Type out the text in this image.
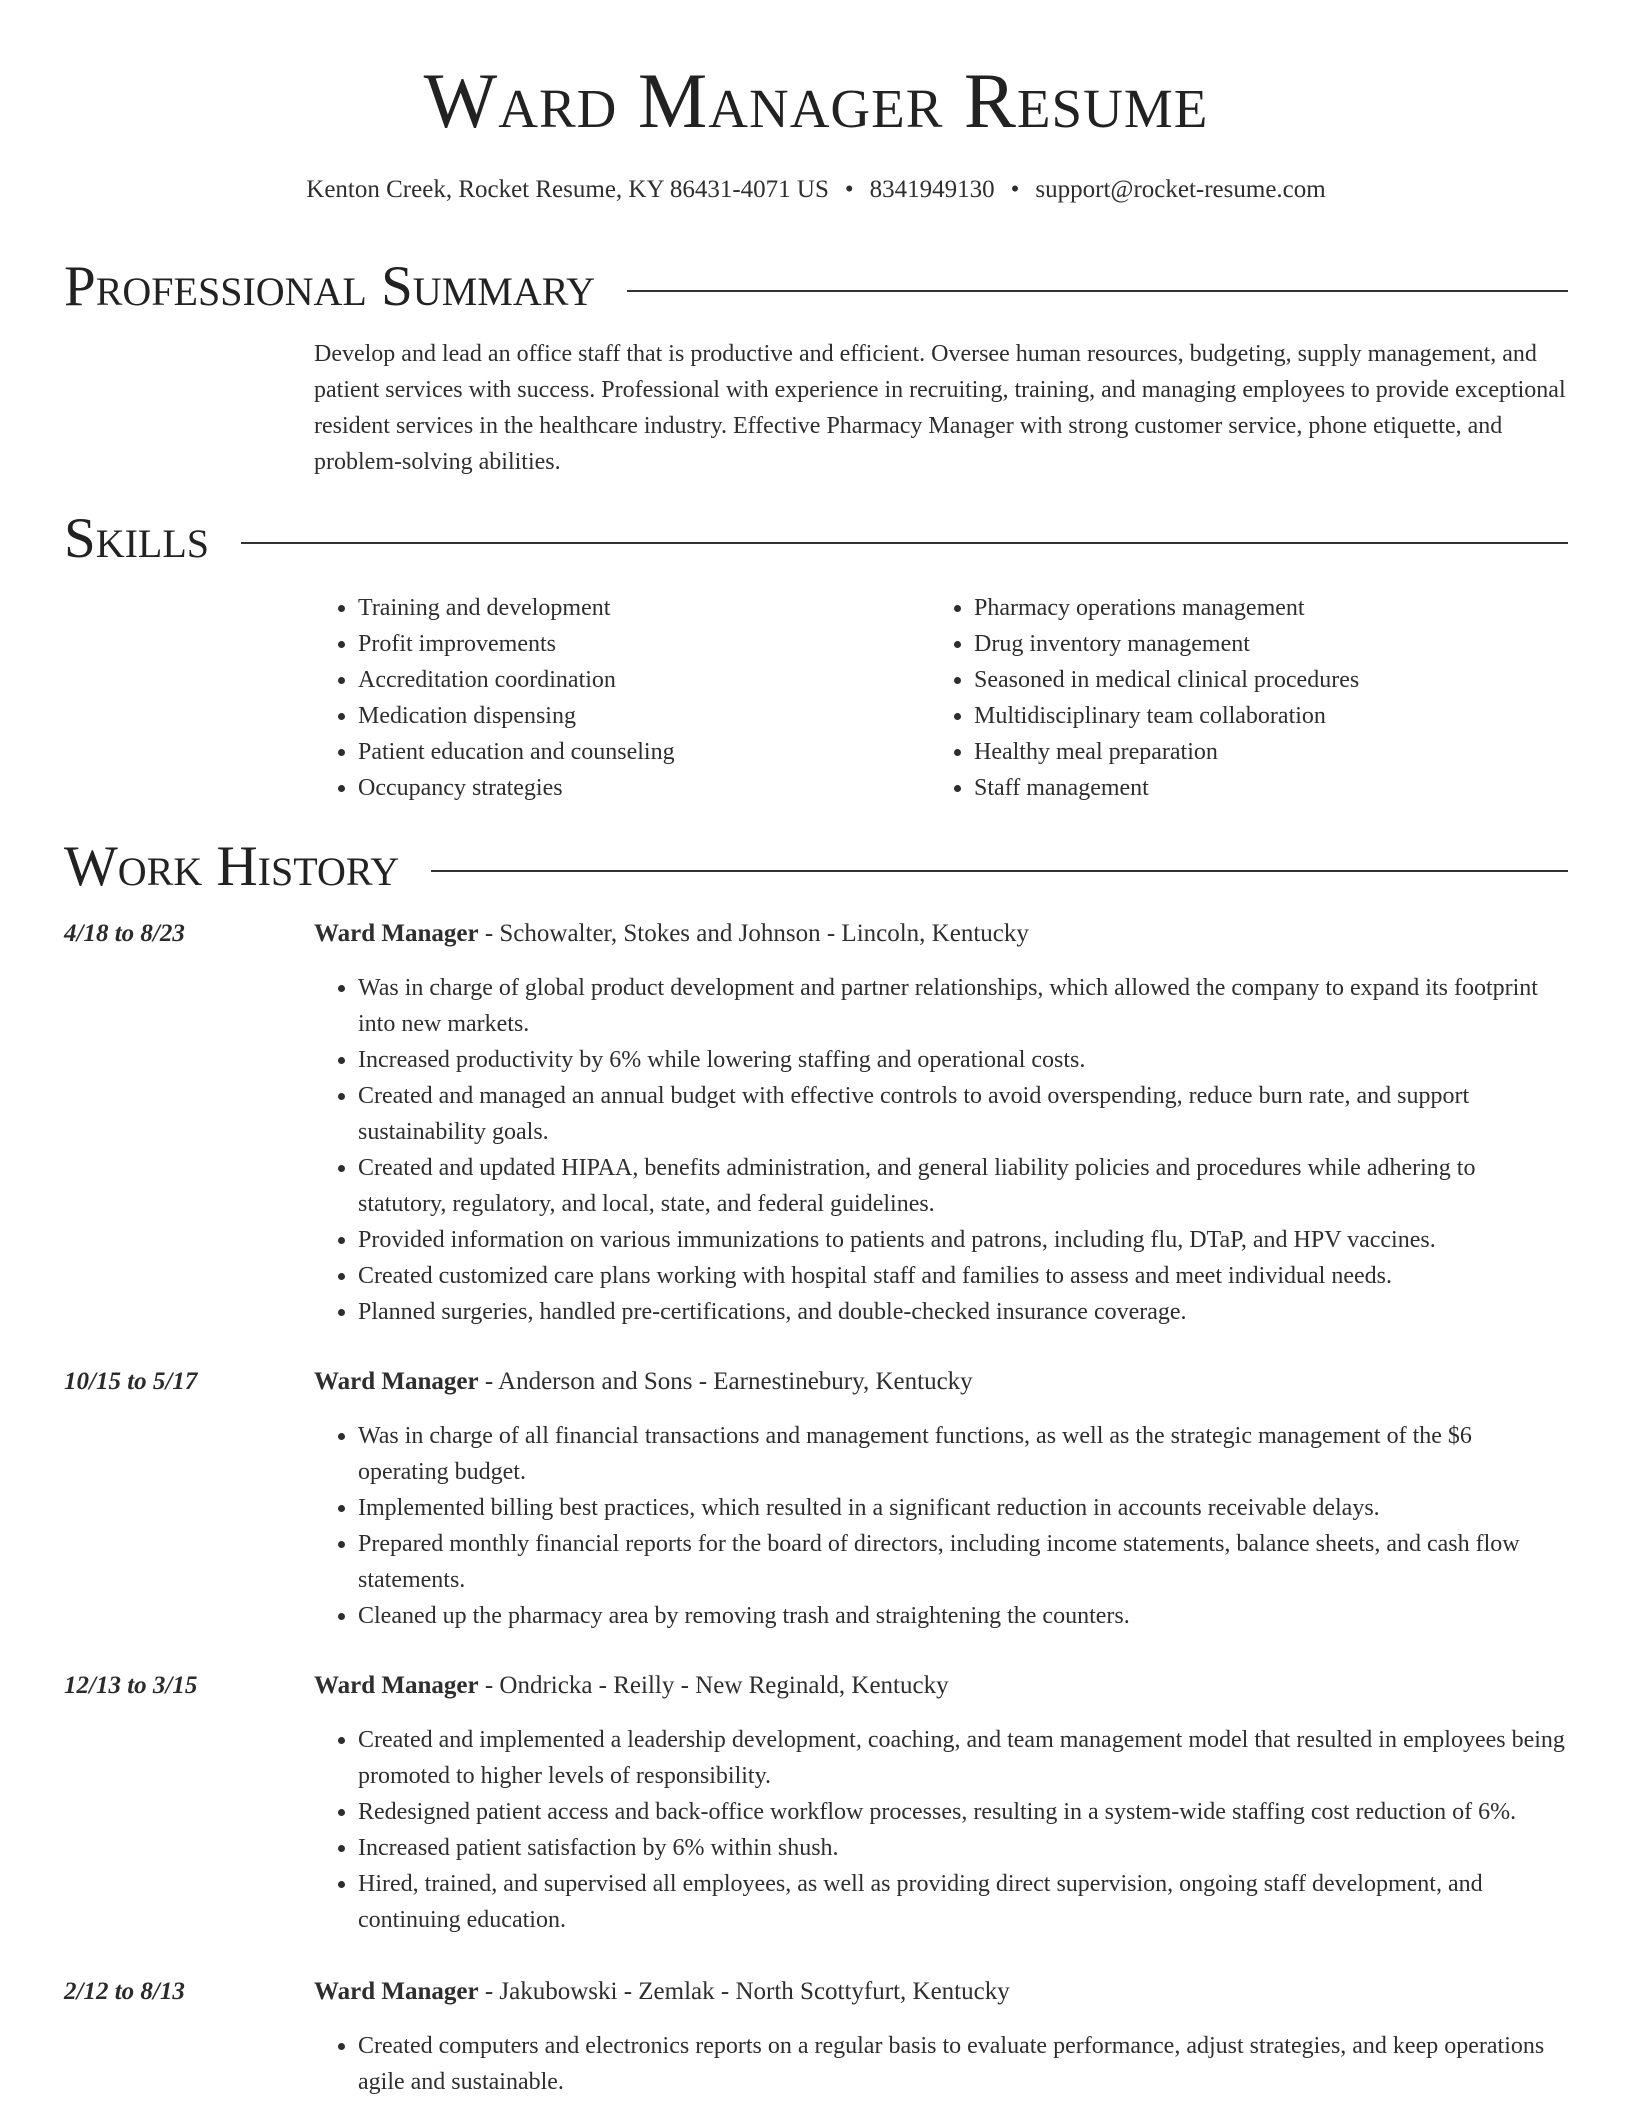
Ward Manager Resume
Kenton Creek, Rocket Resume, KY 86431-4071 US • 8341949130 • support@rocket-resume.com
Professional Summary

Develop and lead an office staff that is productive and efficient. Oversee human resources, budgeting, supply management, and patient services with success. Professional with experience in recruiting, training, and managing employees to provide exceptional resident services in the healthcare industry. Effective Pharmacy Manager with strong customer service, phone etiquette, and problem-solving abilities.

Skills
• Training and development
• Profit improvements
• Accreditation coordination
• Medication dispensing
• Patient education and counseling
• Occupancy strategies
• Pharmacy operations management
• Drug inventory management
• Seasoned in medical clinical procedures
• Multidisciplinary team collaboration
• Healthy meal preparation
• Staff management
Work History
4/18 to 8/23	Ward Manager - Schowalter, Stokes and Johnson - Lincoln, Kentucky
• Was in charge of global product development and partner relationships, which allowed the company to expand its footprint into new markets.
• Increased productivity by 6% while lowering staffing and operational costs.
• Created and managed an annual budget with effective controls to avoid overspending, reduce burn rate, and support sustainability goals.
• Created and updated HIPAA, benefits administration, and general liability policies and procedures while adhering to statutory, regulatory, and local, state, and federal guidelines.
• Provided information on various immunizations to patients and patrons, including flu, DTaP, and HPV vaccines.
• Created customized care plans working with hospital staff and families to assess and meet individual needs.
• Planned surgeries, handled pre-certifications, and double-checked insurance coverage.
10/15 to 5/17	Ward Manager - Anderson and Sons - Earnestinebury, Kentucky
• Was in charge of all financial transactions and management functions, as well as the strategic management of the $6 operating budget.
• Implemented billing best practices, which resulted in a significant reduction in accounts receivable delays.
• Prepared monthly financial reports for the board of directors, including income statements, balance sheets, and cash flow statements.
• Cleaned up the pharmacy area by removing trash and straightening the counters.
12/13 to 3/15	Ward Manager - Ondricka - Reilly - New Reginald, Kentucky
• Created and implemented a leadership development, coaching, and team management model that resulted in employees being promoted to higher levels of responsibility.
• Redesigned patient access and back-office workflow processes, resulting in a system-wide staffing cost reduction of 6%.
• Increased patient satisfaction by 6% within shush.
• Hired, trained, and supervised all employees, as well as providing direct supervision, ongoing staff development, and continuing education.
2/12 to 8/13	Ward Manager - Jakubowski - Zemlak - North Scottyfurt, Kentucky
• Created computers and electronics reports on a regular basis to evaluate performance, adjust strategies, and keep operations agile and sustainable.
